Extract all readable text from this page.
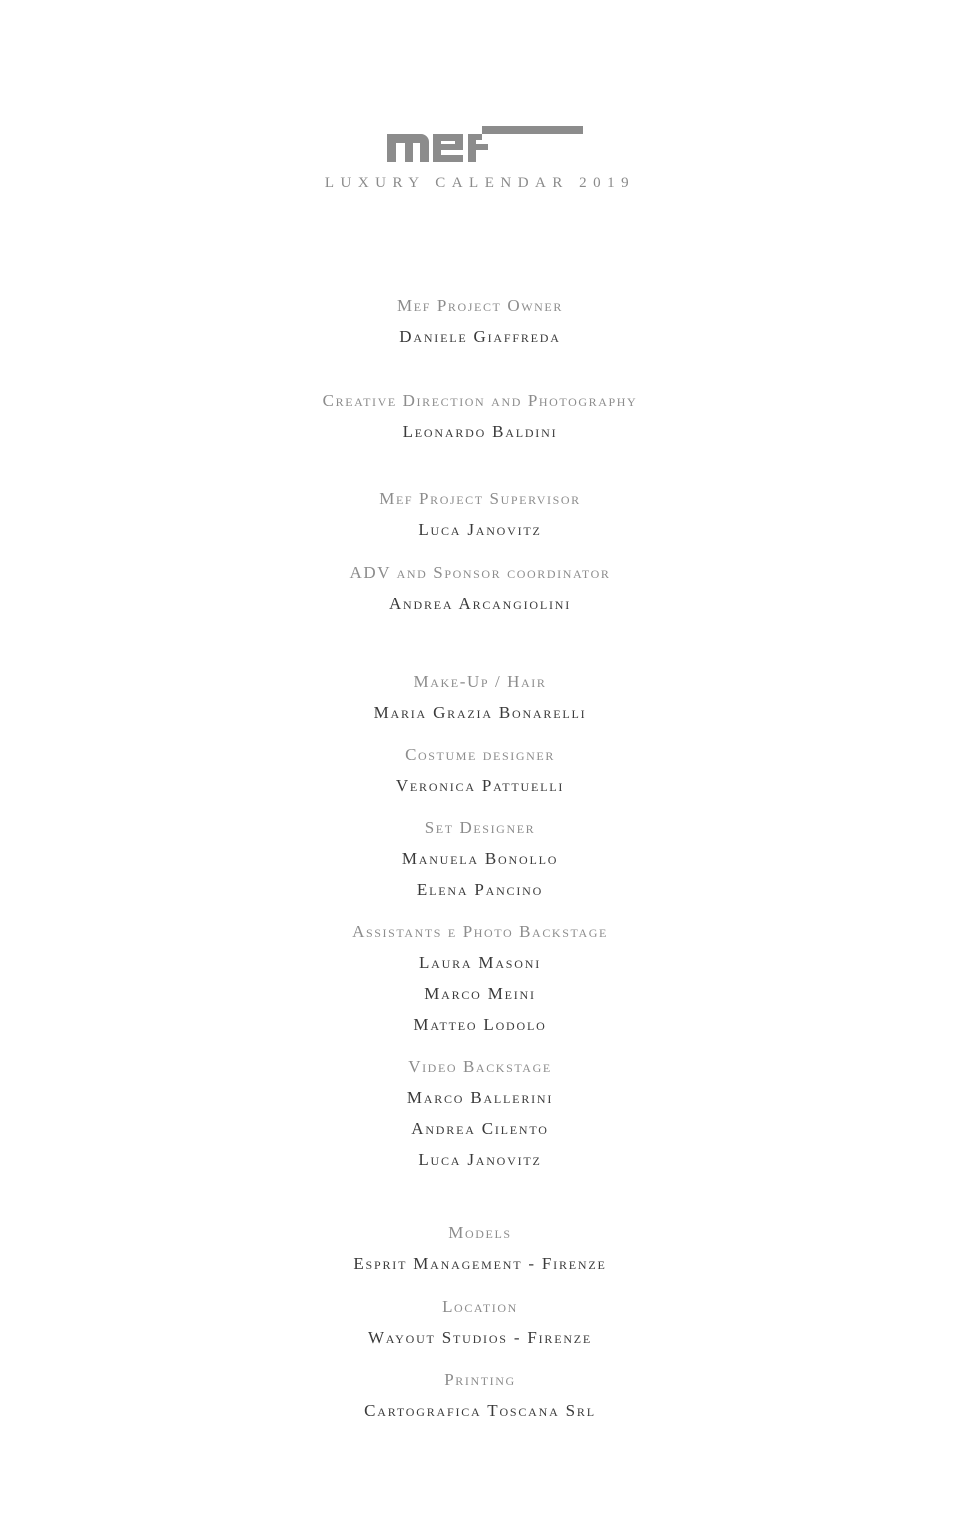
LUXURY CALENDAR 2019
Mef Project Owner
Daniele Giaffreda
Creative Direction and Photography
Leonardo Baldini
Mef Project Supervisor
Luca Janovitz
ADV and Sponsor coordinator
Andrea Arcangiolini
Make-Up / Hair
Maria Grazia Bonarelli
Costume designer
Veronica Pattuelli
Set Designer
Manuela Bonollo
Elena Pancino
Assistants e Photo Backstage
Laura Masoni
Marco Meini
Matteo Lodolo
Video Backstage
Marco Ballerini
Andrea Cilento
Luca Janovitz
Models
Esprit Management - Firenze
Location
Wayout Studios - Firenze
Printing
Cartografica Toscana Srl
